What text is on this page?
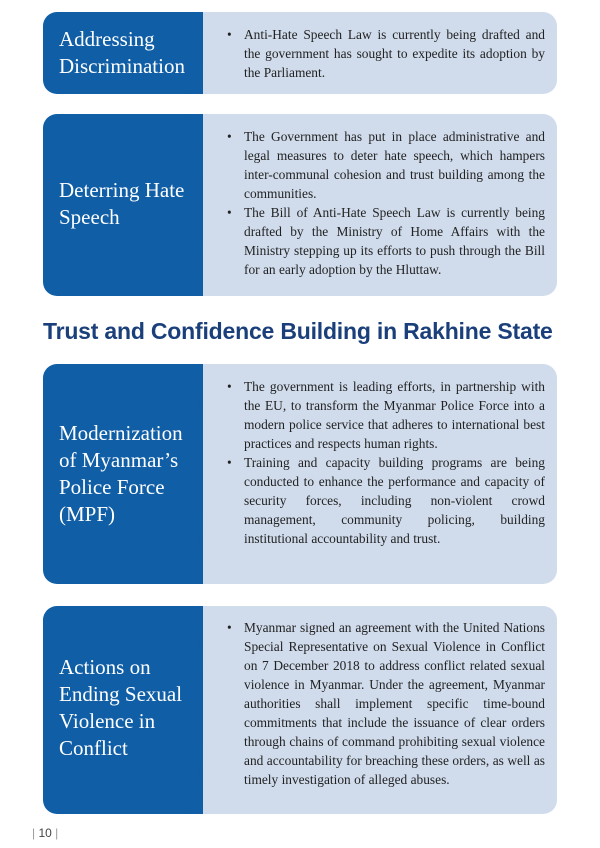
• Anti-Hate Speech Law is currently being drafted and the government has sought to expedite its adoption by the Parliament.
Addressing Discrimination
• The Government has put in place administrative and legal measures to deter hate speech, which hampers inter-communal cohesion and trust building among the communities.
• The Bill of Anti-Hate Speech Law is currently being drafted by the Ministry of Home Affairs with the Ministry stepping up its efforts to push through the Bill for an early adoption by the Hluttaw.
Deterring Hate Speech
Trust and Confidence Building in Rakhine State
• The government is leading efforts, in partnership with the EU, to transform the Myanmar Police Force into a modern police service that adheres to international best practices and respects human rights.
• Training and capacity building programs are being conducted to enhance the performance and capacity of security forces, including non-violent crowd management, community policing, building institutional accountability and trust.
Modernization of Myanmar’s Police Force (MPF)
• Myanmar signed an agreement with the United Nations Special Representative on Sexual Violence in Conflict on 7 December 2018 to address conflict related sexual violence in Myanmar. Under the agreement, Myanmar authorities shall implement specific time-bound commitments that include the issuance of clear orders through chains of command prohibiting sexual violence and accountability for breaching these orders, as well as timely investigation of alleged abuses.
Actions on Ending Sexual Violence in Conflict
| 10 |
